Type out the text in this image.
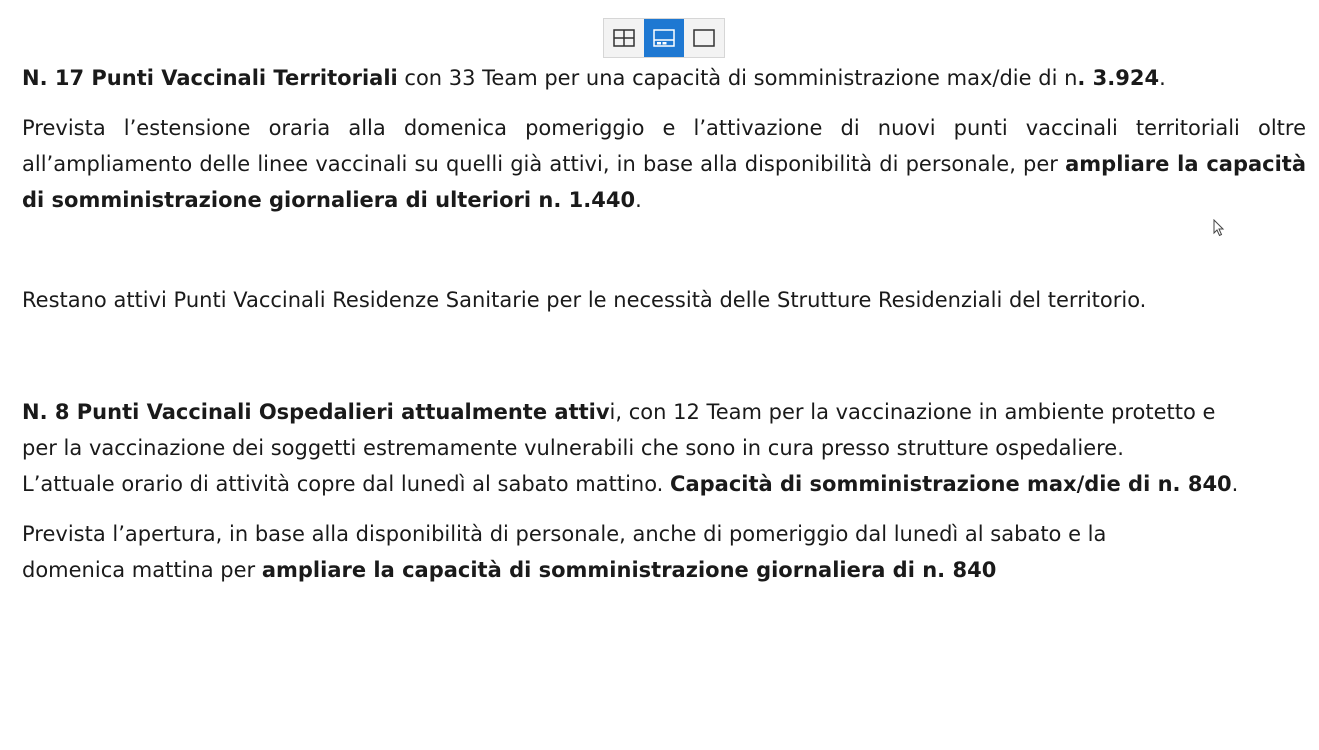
N. 17 Punti Vaccinali Territoriali con 33 Team per una capacità di somministrazione max/die di n. 3.924.

Prevista l’estensione oraria alla domenica pomeriggio e l’attivazione di nuovi punti vaccinali territoriali oltre all’ampliamento delle linee vaccinali su quelli già attivi, in base alla disponibilità di personale, per ampliare la capacità di somministrazione giornaliera di ulteriori n. 1.440.

Restano attivi Punti Vaccinali Residenze Sanitarie per le necessità delle Strutture Residenziali del territorio.

N. 8 Punti Vaccinali Ospedalieri attualmente attivi, con 12 Team per la vaccinazione in ambiente protetto e
per la vaccinazione dei soggetti estremamente vulnerabili che sono in cura presso strutture ospedaliere.
L’attuale orario di attività copre dal lunedì al sabato mattino. Capacità di somministrazione max/die di n. 840.

Prevista l’apertura, in base alla disponibilità di personale, anche di pomeriggio dal lunedì al sabato e la
domenica mattina per ampliare la capacità di somministrazione giornaliera di n. 840
